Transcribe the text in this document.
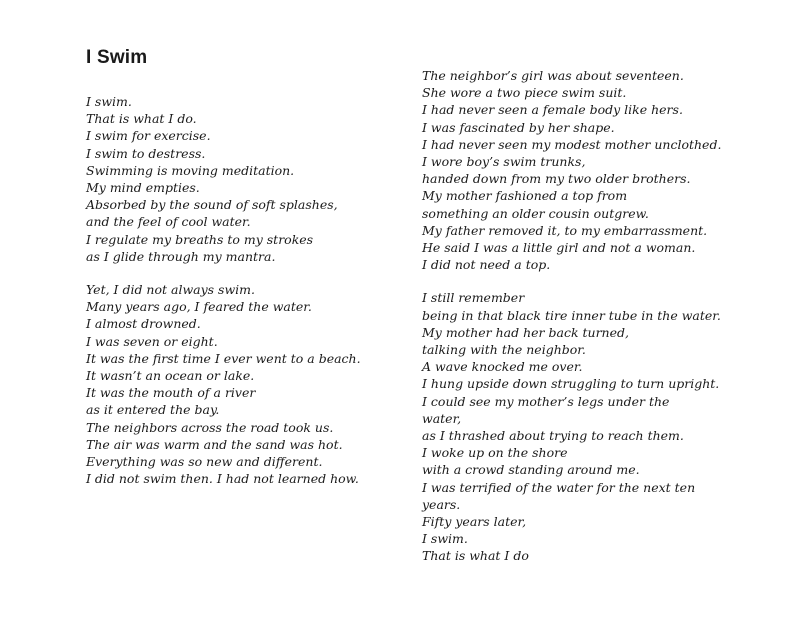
I Swim
I swim.
That is what I do.
I swim for exercise.
I swim to destress.
Swimming is moving meditation.
My mind empties.
Absorbed by the sound of soft splashes,
and the feel of cool water.
I regulate my breaths to my strokes
as I glide through my mantra.
Yet, I did not always swim.
Many years ago, I feared the water.
I almost drowned.
I was seven or eight.
It was the first time I ever went to a beach.
It wasn’t an ocean or lake.
It was the mouth of a river
as it entered the bay.
The neighbors across the road took us.
The air was warm and the sand was hot.
Everything was so new and different.
I did not swim then. I had not learned how.
The neighbor’s girl was about seventeen.
She wore a two piece swim suit.
I had never seen a female body like hers.
I was fascinated by her shape.
I had never seen my modest mother unclothed.
I wore boy’s swim trunks,
handed down from my two older brothers.
My mother fashioned a top from
something an older cousin outgrew.
My father removed it, to my embarrassment.
He said I was a little girl and not a woman.
I did not need a top.
I still remember
being in that black tire inner tube in the water.
My mother had her back turned,
talking with the neighbor.
A wave knocked me over.
I hung upside down struggling to turn upright.
I could see my mother’s legs under the
water,
as I thrashed about trying to reach them.
I woke up on the shore
with a crowd standing around me.
I was terrified of the water for the next ten
years.
Fifty years later,
I swim.
That is what I do
